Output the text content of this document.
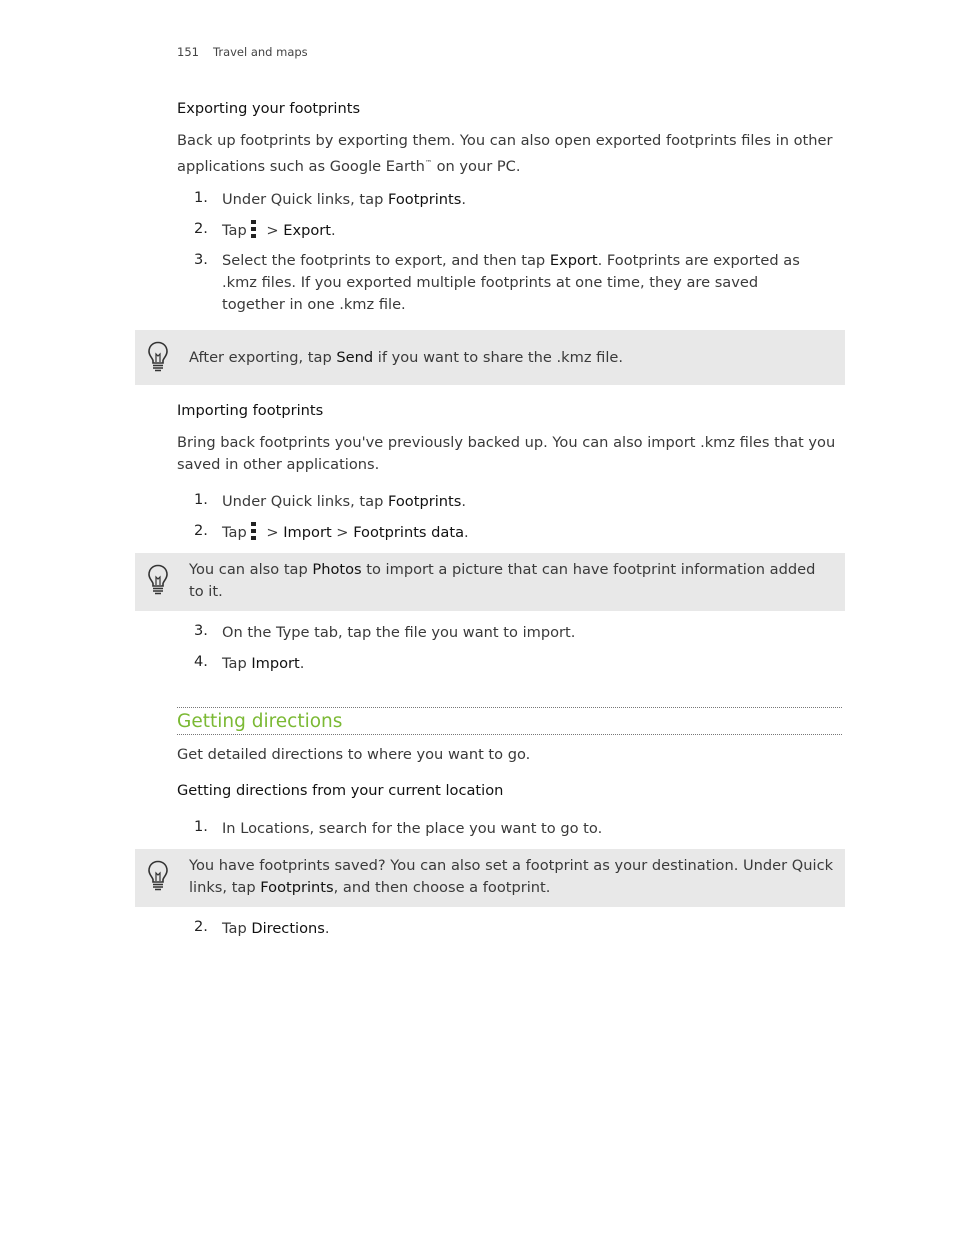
151 Travel and maps
Exporting your footprints
Back up footprints by exporting them. You can also open exported footprints files in other applications such as Google Earth™ on your PC.
1. Under Quick links, tap Footprints.
2. Tap > Export.
3. Select the footprints to export, and then tap Export. Footprints are exported as .kmz files. If you exported multiple footprints at one time, they are saved together in one .kmz file.
After exporting, tap Send if you want to share the .kmz file.
Importing footprints
Bring back footprints you've previously backed up. You can also import .kmz files that you saved in other applications.
1. Under Quick links, tap Footprints.
2. Tap > Import > Footprints data.
You can also tap Photos to import a picture that can have footprint information added to it.
3. On the Type tab, tap the file you want to import.
4. Tap Import.
Getting directions
Get detailed directions to where you want to go.
Getting directions from your current location
1. In Locations, search for the place you want to go to.
You have footprints saved? You can also set a footprint as your destination. Under Quick links, tap Footprints, and then choose a footprint.
2. Tap Directions.
